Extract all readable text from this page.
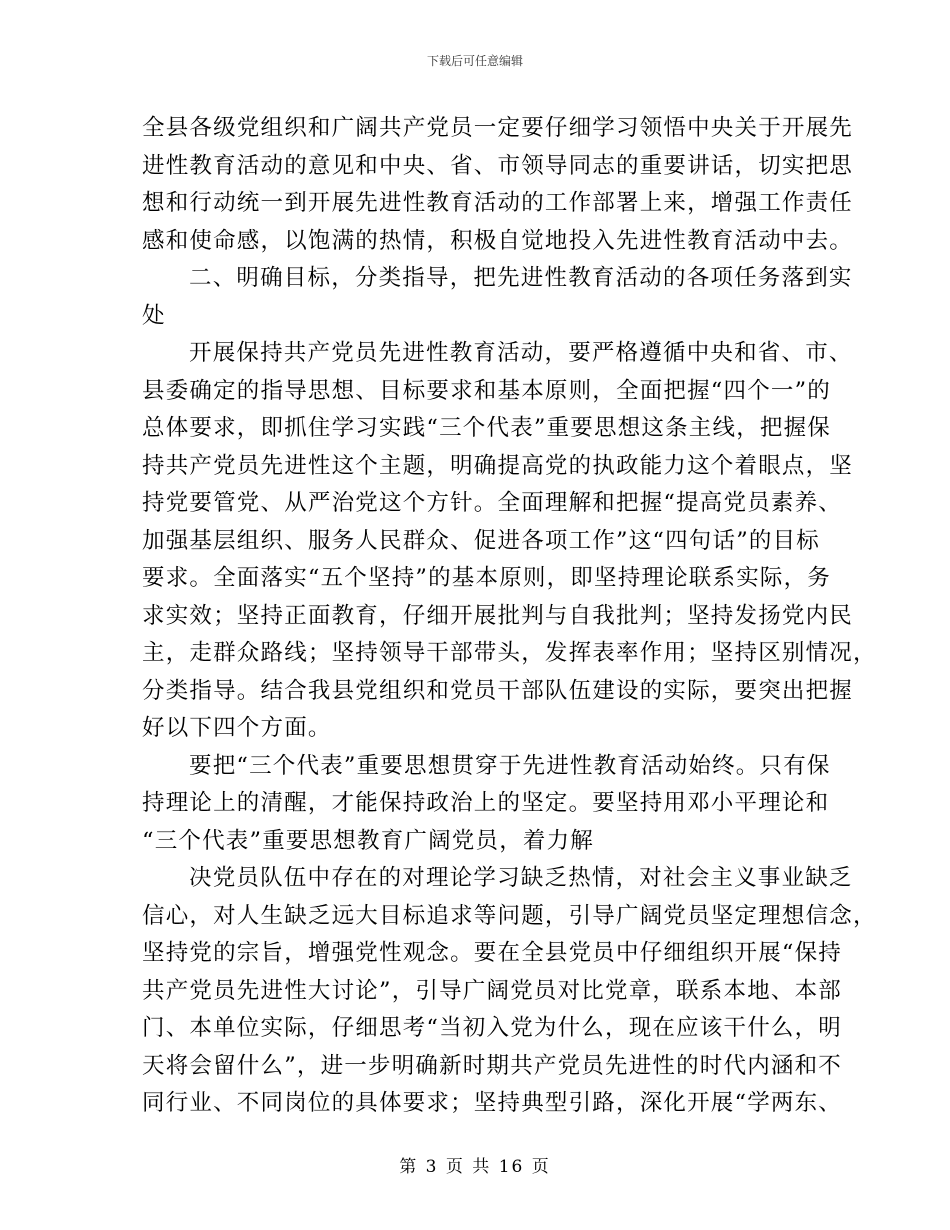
下载后可任意编辑
全县各级党组织和广阔共产党员一定要仔细学习领悟中央关于开展先
进性教育活动的意见和中央、省、市领导同志的重要讲话，切实把思
想和行动统一到开展先进性教育活动的工作部署上来，增强工作责任
感和使命感，以饱满的热情，积极自觉地投入先进性教育活动中去。
二、明确目标，分类指导，把先进性教育活动的各项任务落到实
处
开展保持共产党员先进性教育活动，要严格遵循中央和省、市、
县委确定的指导思想、目标要求和基本原则，全面把握“四个一”的
总体要求，即抓住学习实践“三个代表”重要思想这条主线，把握保
持共产党员先进性这个主题，明确提高党的执政能力这个着眼点，坚
持党要管党、从严治党这个方针。全面理解和把握“提高党员素养、
加强基层组织、服务人民群众、促进各项工作”这“四句话”的目标
要求。全面落实“五个坚持”的基本原则，即坚持理论联系实际，务
求实效；坚持正面教育，仔细开展批判与自我批判；坚持发扬党内民
主，走群众路线；坚持领导干部带头，发挥表率作用；坚持区别情况，
分类指导。结合我县党组织和党员干部队伍建设的实际，要突出把握
好以下四个方面。
要把“三个代表”重要思想贯穿于先进性教育活动始终。只有保
持理论上的清醒，才能保持政治上的坚定。要坚持用邓小平理论和
“三个代表”重要思想教育广阔党员，着力解
决党员队伍中存在的对理论学习缺乏热情，对社会主义事业缺乏
信心，对人生缺乏远大目标追求等问题，引导广阔党员坚定理想信念，
坚持党的宗旨，增强党性观念。要在全县党员中仔细组织开展“保持
共产党员先进性大讨论”，引导广阔党员对比党章，联系本地、本部
门、本单位实际，仔细思考“当初入党为什么，现在应该干什么，明
天将会留什么”，进一步明确新时期共产党员先进性的时代内涵和不
同行业、不同岗位的具体要求；坚持典型引路，深化开展“学两东、
第 3 页 共 16 页
